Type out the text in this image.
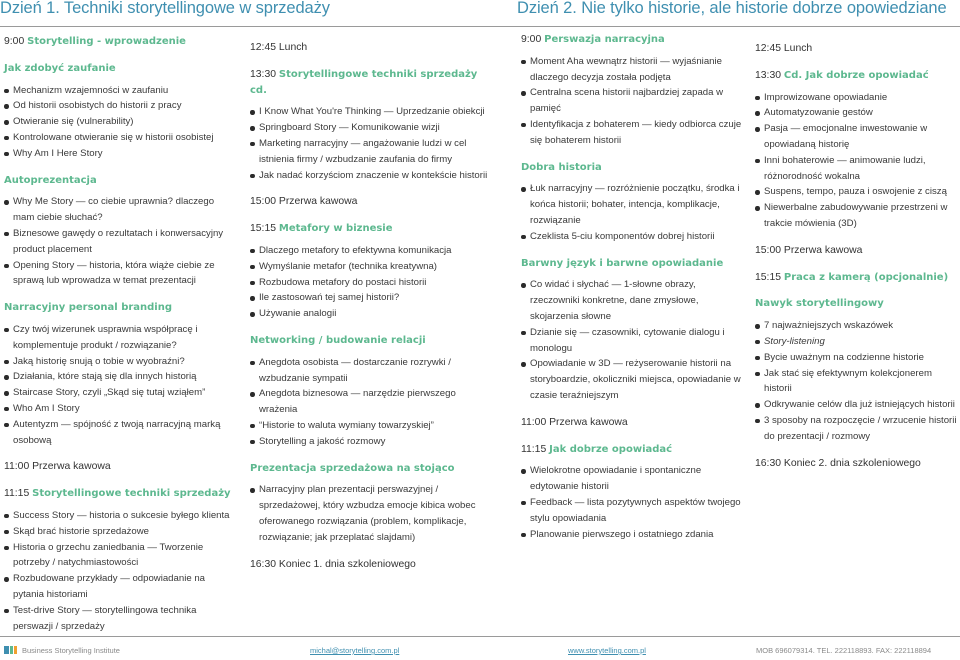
Dzień 1. Techniki storytellingowe w sprzedaży	Dzień 2. Nie tylko historie, ale historie dobrze opowiedziane
9:00 Storytelling - wprowadzenie
Jak zdobyć zaufanie
Mechanizm wzajemności w zaufaniu
Od historii osobistych do historii z pracy
Otwieranie się (vulnerability)
Kontrolowane otwieranie się w historii osobistej
Why Am I Here Story
Autoprezentacja
Why Me Story — co ciebie uprawnia? dlaczego mam ciebie słuchać?
Biznesowe gawędy o rezultatach i konwersacyjny product placement
Opening Story — historia, która wiąże ciebie ze sprawą lub wprowadza w temat prezentacji
Narracyjny personal branding
Czy twój wizerunek usprawnia współpracę i komplementuje produkt / rozwiązanie?
Jaką historię snują o tobie w wyobraźni?
Działania, które stają się dla innych historią
Staircase Story, czyli „Skąd się tutaj wziąłem”
Who Am I Story
Autentyzm — spójność z twoją narracyjną marką osobową
11:00 Przerwa kawowa
11:15 Storytellingowe techniki sprzedaży
Success Story — historia o sukcesie byłego klienta
Skąd brać historie sprzedażowe
Historia o grzechu zaniedbania — Tworzenie potrzeby / natychmiastowości
Rozbudowane przykłady — odpowiadanie na pytania historiami
Test-drive Story — storytellingowa technika perswazji / sprzedaży
12:45 Lunch
13:30 Storytellingowe techniki sprzedaży cd.
I Know What You're Thinking — Uprzedzanie obiekcji
Springboard Story — Komunikowanie wizji
Marketing narracyjny — angażowanie ludzi w cel istnienia firmy / wzbudzanie zaufania do firmy
Jak nadać korzyściom znaczenie w kontekście historii
15:00 Przerwa kawowa
15:15 Metafory w biznesie
Dlaczego metafory to efektywna komunikacja
Wymyślanie metafor (technika kreatywna)
Rozbudowa metafory do postaci historii
Ile zastosowań tej samej historii?
Używanie analogii
Networking / budowanie relacji
Anegdota osobista — dostarczanie rozrywki / wzbudzanie sympatii
Anegdota biznesowa — narzędzie pierwszego wrażenia
“Historie to waluta wymiany towarzyskiej”
Storytelling a jakość rozmowy
Prezentacja sprzedażowa na stojąco
Narracyjny plan prezentacji perswazyjnej / sprzedażowej, który wzbudza emocje kibica wobec oferowanego rozwiązania (problem, komplikacje, rozwiązanie; jak przeplatać slajdami)
16:30 Koniec 1. dnia szkoleniowego
9:00 Perswazja narracyjna
Moment Aha wewnątrz historii — wyjaśnianie dlaczego decyzja została podjęta
Centralna scena historii najbardziej zapada w pamięć
Identyfikacja z bohaterem — kiedy odbiorca czuje się bohaterem historii
Dobra historia
Łuk narracyjny — rozróżnienie początku, środka i końca historii; bohater, intencja, komplikacje, rozwiązanie
Czeklista 5-ciu komponentów dobrej historii
Barwny język i barwne opowiadanie
Co widać i słychać — 1-słowne obrazy, rzeczowniki konkretne, dane zmysłowe, skojarzenia słowne
Dzianie się — czasowniki, cytowanie dialogu i monologu
Opowiadanie w 3D — reżyserowanie historii na storyboardzie, okoliczniki miejsca, opowiadanie w czasie teraźniejszym
11:00 Przerwa kawowa
11:15 Jak dobrze opowiadać
Wielokrotne opowiadanie i spontaniczne edytowanie historii
Feedback — lista pozytywnych aspektów twojego stylu opowiadania
Planowanie pierwszego i ostatniego zdania
12:45 Lunch
13:30 Cd. Jak dobrze opowiadać
Improwizowane opowiadanie
Automatyzowanie gestów
Pasja — emocjonalne inwestowanie w opowiadaną historię
Inni bohaterowie — animowanie ludzi, różnorodność wokalna
Suspens, tempo, pauza i oswojenie z ciszą
Niewerbalne zabudowywanie przestrzeni w trakcie mówienia (3D)
15:00 Przerwa kawowa
15:15 Praca z kamerą (opcjonalnie)
Nawyk storytellingowy
7 najważniejszych wskazówek
Story-listening
Bycie uważnym na codzienne historie
Jak stać się efektywnym kolekcjonerem historii
Odkrywanie celów dla już istniejących historii
3 sposoby na rozpoczęcie / wrzucenie historii do prezentacji / rozmowy
16:30 Koniec 2. dnia szkoleniowego
Business Storytelling Institute	michal@storytelling.com.pl	www.storytelling.com.pl	MOB 696079314. TEL. 222118893. FAX: 222118894
